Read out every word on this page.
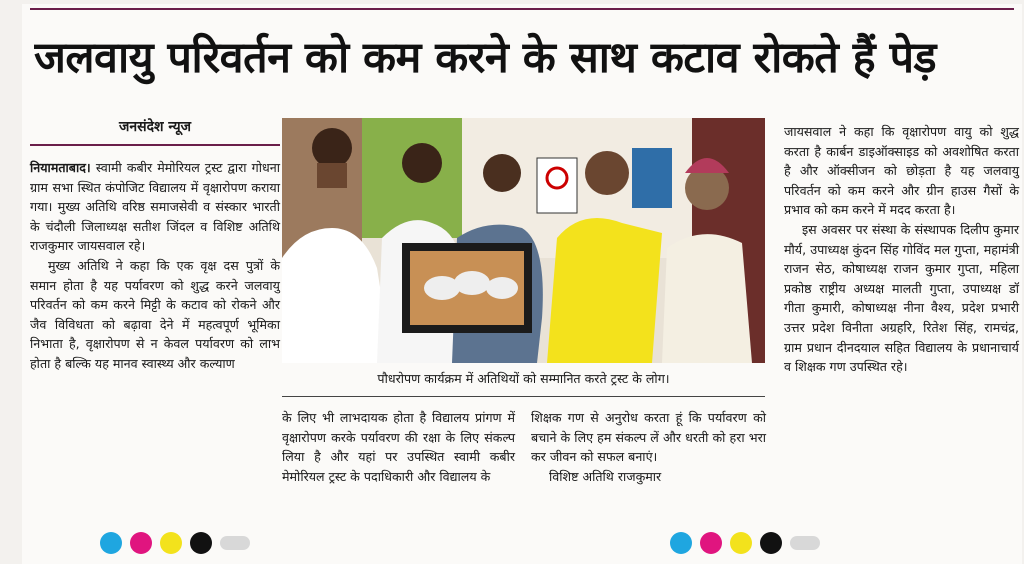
जलवायु परिवर्तन को कम करने के साथ कटाव रोकते हैं पेड़
जनसंदेश न्यूज

नियामताबाद। स्वामी कबीर मेमोरियल ट्रस्ट द्वारा गोधना ग्राम सभा स्थित कंपोजिट विद्यालय में वृक्षारोपण कराया गया। मुख्य अतिथि वरिष्ठ समाजसेवी व संस्कार भारती के चंदौली जिलाध्यक्ष सतीश जिंदल व विशिष्ट अतिथि राजकुमार जायसवाल रहे।

मुख्य अतिथि ने कहा कि एक वृक्ष दस पुत्रों के समान होता है यह पर्यावरण को शुद्ध करने जलवायु परिवर्तन को कम करने मिट्टी के कटाव को रोकने और जैव विविधता को बढ़ावा देने में महत्वपूर्ण भूमिका निभाता है, वृक्षारोपण से न केवल पर्यावरण को लाभ होता है बल्कि यह मानव स्वास्थ्य और कल्याण

पौधरोपण कार्यक्रम में अतिथियों को सम्मानित करते ट्रस्ट के लोग।

के लिए भी लाभदायक होता है विद्यालय प्रांगण में वृक्षारोपण करके पर्यावरण की रक्षा के लिए संकल्प लिया है और यहां पर उपस्थित स्वामी कबीर मेमोरियल ट्रस्ट के पदाधिकारी और विद्यालय के

शिक्षक गण से अनुरोध करता हूं कि पर्यावरण को बचाने के लिए हम संकल्प लें और धरती को हरा भरा कर जीवन को सफल बनाएं।

विशिष्ट अतिथि राजकुमार

जायसवाल ने कहा कि वृक्षारोपण वायु को शुद्ध करता है कार्बन डाइऑक्साइड को अवशोषित करता है और ऑक्सीजन को छोड़ता है यह जलवायु परिवर्तन को कम करने और ग्रीन हाउस गैसों के प्रभाव को कम करने में मदद करता है।

इस अवसर पर संस्था के संस्थापक दिलीप कुमार मौर्य, उपाध्यक्ष कुंदन सिंह गोविंद मल गुप्ता, महामंत्री राजन सेठ, कोषाध्यक्ष राजन कुमार गुप्ता, महिला प्रकोष्ठ राष्ट्रीय अध्यक्ष मालती गुप्ता, उपाध्यक्ष डॉ गीता कुमारी, कोषाध्यक्ष नीना वैश्य, प्रदेश प्रभारी उत्तर प्रदेश विनीता अग्रहरि, रितेश सिंह, रामचंद्र, ग्राम प्रधान दीनदयाल सहित विद्यालय के प्रधानाचार्य व शिक्षक गण उपस्थित रहे।
